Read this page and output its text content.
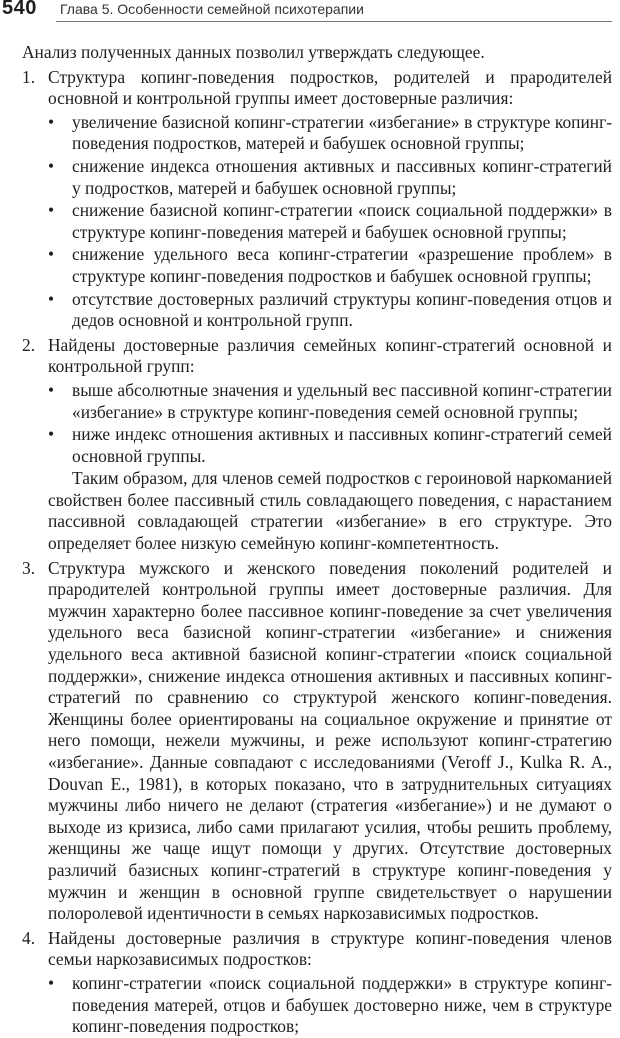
540 Глава 5. Особенности семейной психотерапии

Анализ полученных данных позволил утверждать следующее.

1. Структура копинг-поведения подростков, родителей и прародителей основной и контрольной группы имеет достоверные различия:

• увеличение базисной копинг-стратегии «избегание» в структуре копинг-поведения подростков, матерей и бабушек основной группы;
• снижение индекса отношения активных и пассивных копинг-стратегий у подростков, матерей и бабушек основной группы;
• снижение базисной копинг-стратегии «поиск социальной поддержки» в структуре копинг-поведения матерей и бабушек основной группы;
• снижение удельного веса копинг-стратегии «разрешение проблем» в структуре копинг-поведения подростков и бабушек основной группы;
• отсутствие достоверных различий структуры копинг-поведения отцов и дедов основной и контрольной групп.
2. Найдены достоверные различия семейных копинг-стратегий основной и контрольной групп:

• выше абсолютные значения и удельный вес пассивной копинг-стратегии «избегание» в структуре копинг-поведения семей основной группы;
• ниже индекс отношения активных и пассивных копинг-стратегий семей основной группы.

Таким образом, для членов семей подростков с героиновой наркоманией свойствен более пассивный стиль совладающего поведения, с нарастанием пассивной совладающей стратегии «избегание» в его структуре. Это определяет более низкую семейную копинг-компетентность.

3. Структура мужского и женского поведения поколений родителей и прародителей контрольной группы имеет достоверные различия. Для мужчин характерно более пассивное копинг-поведение за счет увеличения удельного веса базисной копинг-стратегии «избегание» и снижения удельного веса активной базисной копинг-стратегии «поиск социальной поддержки», снижение индекса отношения активных и пассивных копинг-стратегий по сравнению со структурой женского копинг-поведения. Женщины более ориентированы на социальное окружение и принятие от него помощи, нежели мужчины, и реже используют копинг-стратегию «избегание». Данные совпадают с исследованиями (Veroff J., Kulka R. A., Douvan E., 1981), в которых показано, что в затруднительных ситуациях мужчины либо ничего не делают (стратегия «избегание») и не думают о выходе из кризиса, либо сами прилагают усилия, чтобы решить проблему, женщины же чаще ищут помощи у других. Отсутствие достоверных различий базисных копинг-стратегий в структуре копинг-поведения у мужчин и женщин в основной группе свидетельствует о нарушении полоролевой идентичности в семьях наркозависимых подростков.

4. Найдены достоверные различия в структуре копинг-поведения членов семьи наркозависимых подростков:

• копинг-стратегии «поиск социальной поддержки» в структуре копинг-поведения матерей, отцов и бабушек достоверно ниже, чем в структуре копинг-поведения подростков;
